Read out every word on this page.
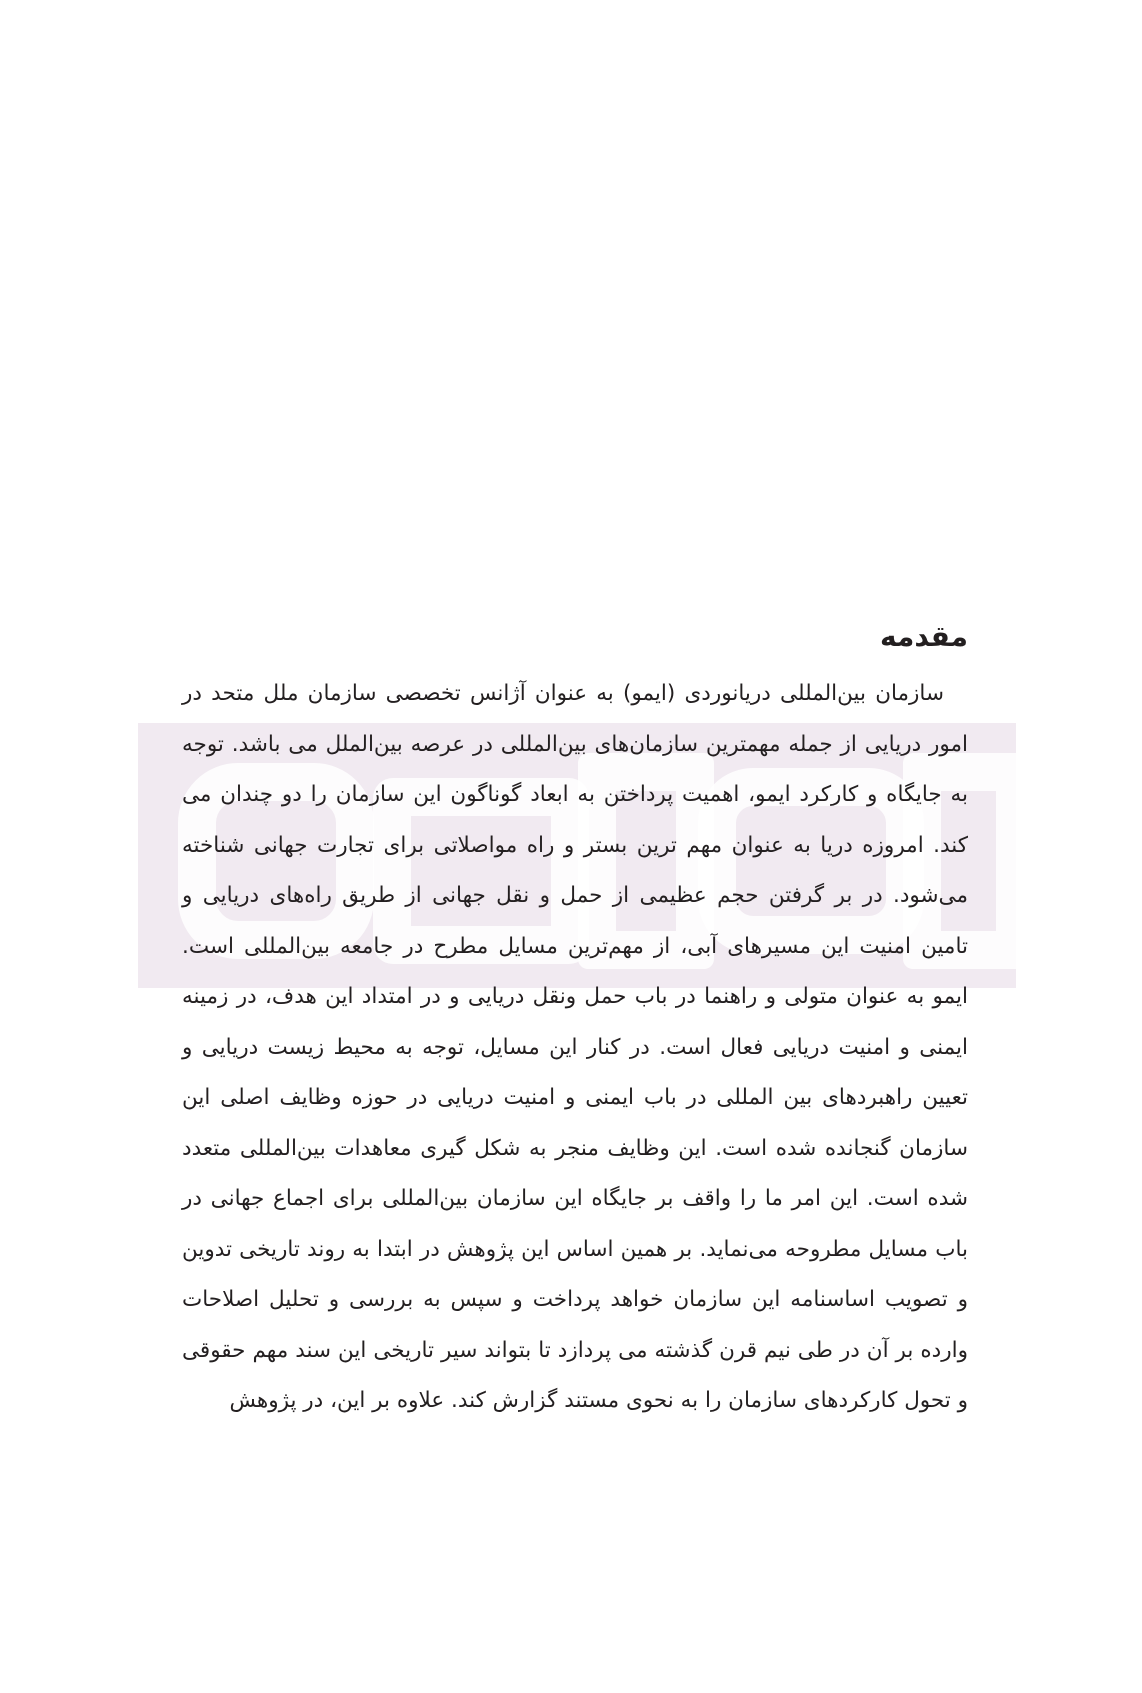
مقدمه

سازمان بین‌المللی دریانوردی (ایمو) به عنوان آژانس تخصصی سازمان ملل متحد در امور دریایی از جمله مهمترین سازمان‌های بین‌المللی در عرصه بین‌الملل می باشد. توجه به جایگاه و کارکرد ایمو، اهمیت پرداختن به ابعاد گوناگون این سازمان را دو چندان می کند. امروزه دریا به عنوان مهم ترین بستر و راه مواصلاتی برای تجارت جهانی شناخته می‌شود. در بر گرفتن حجم عظیمی از حمل و نقل جهانی از طریق راه‌های دریایی و تامین امنیت این مسیرهای آبی، از مهم‌ترین مسایل مطرح در جامعه بین‌المللی است. ایمو به عنوان متولی و راهنما در باب حمل ونقل دریایی و در امتداد این هدف، در زمینه ایمنی و امنیت دریایی فعال است. در کنار این مسایل، توجه به محیط زیست دریایی و تعیین راهبردهای بین المللی در باب ایمنی و امنیت دریایی در حوزه وظایف اصلی این سازمان گنجانده شده است. این وظایف منجر به شکل گیری معاهدات بین‌المللی متعدد شده است. این امر ما را واقف بر جایگاه این سازمان بین‌المللی برای اجماع جهانی در باب مسایل مطروحه می‌نماید. بر همین اساس این پژوهش در ابتدا به روند تاریخی تدوین و تصویب اساسنامه این سازمان خواهد پرداخت و سپس به بررسی و تحلیل اصلاحات وارده بر آن در طی نیم قرن گذشته می پردازد تا بتواند سیر تاریخی این سند مهم حقوقی و تحول کارکردهای سازمان را به نحوی مستند گزارش کند. علاوه بر این، در پژوهش
